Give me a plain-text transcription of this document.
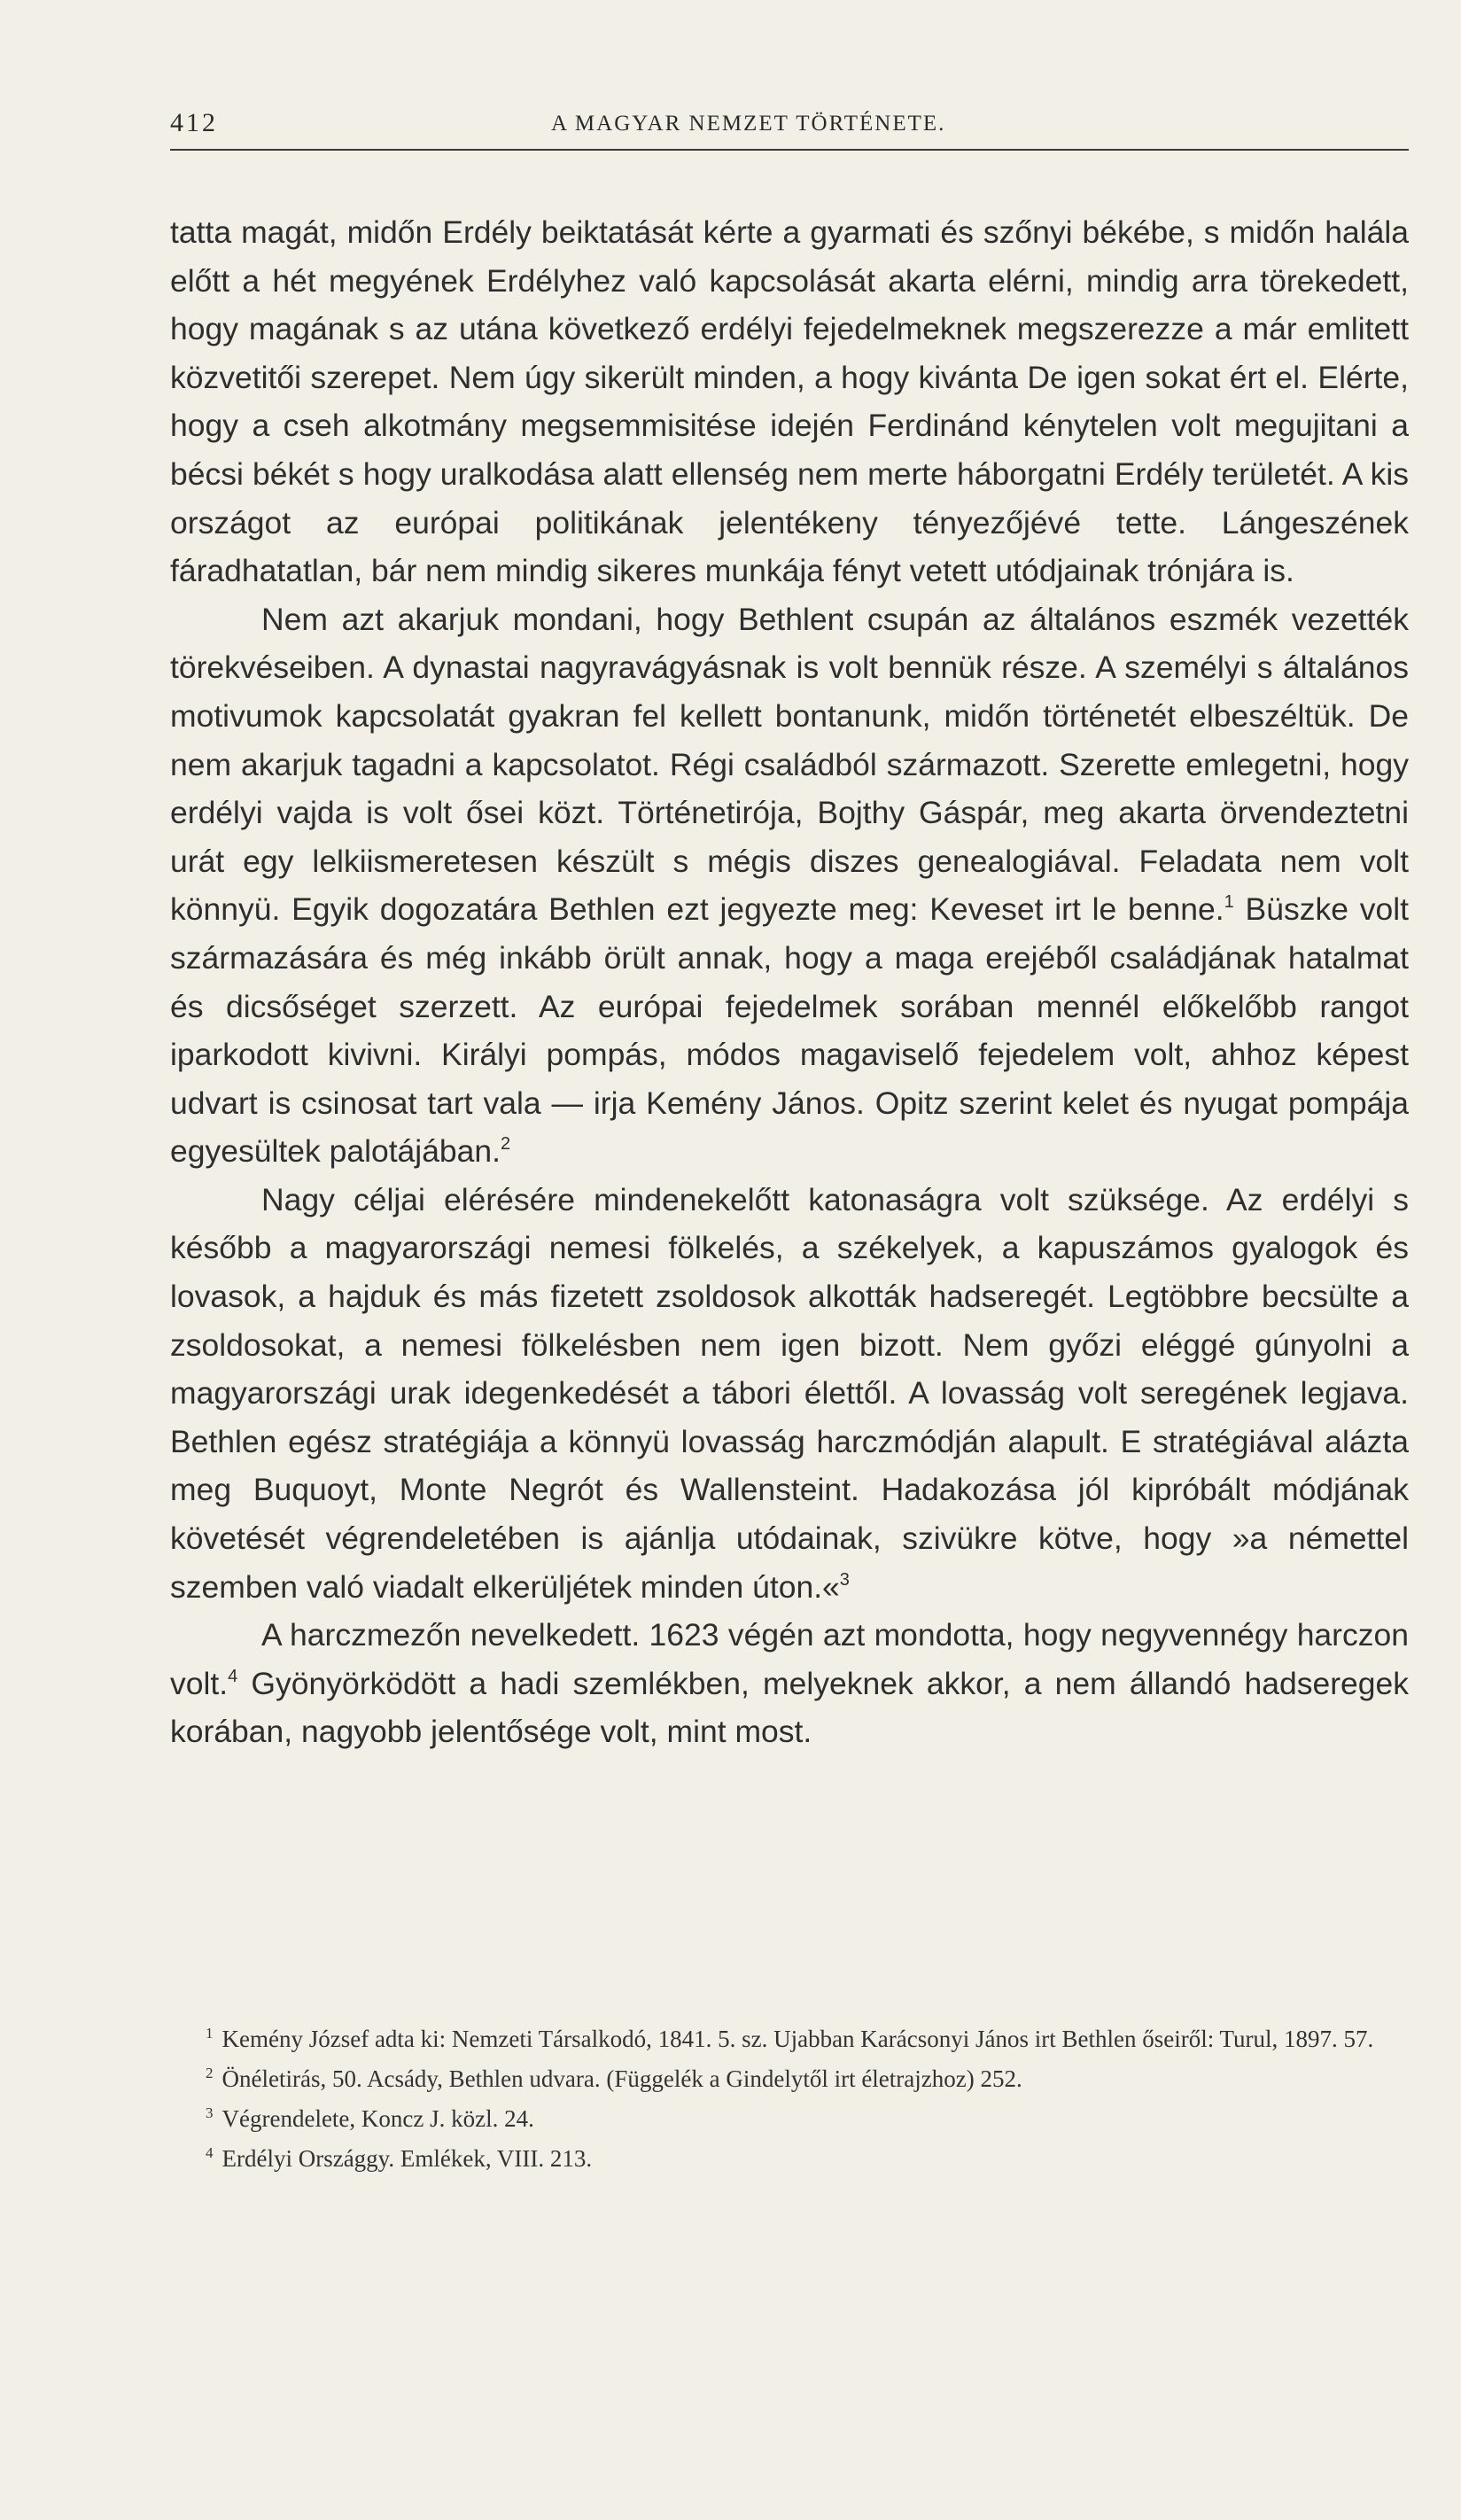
412	A MAGYAR NEMZET TÖRTÉNETE.

tatta magát, midőn Erdély beiktatását kérte a gyarmati és szőnyi békébe, s midőn halála előtt a hét megyének Erdélyhez való kapcsolását akarta elérni, mindig arra törekedett, hogy magának s az utána következő erdélyi fejedelmeknek megszerezze a már emlitett közvetitői szerepet. Nem úgy sikerült minden, a hogy kivánta De igen sokat ért el. Elérte, hogy a cseh alkotmány megsemmisitése idején Ferdinánd kénytelen volt megujitani a bécsi békét s hogy uralkodása alatt ellenség nem merte háborgatni Erdély területét. A kis országot az európai politikának jelentékeny tényezőjévé tette. Lángeszének fáradhatatlan, bár nem mindig sikeres munkája fényt vetett utódjainak trónjára is.

Nem azt akarjuk mondani, hogy Bethlent csupán az általános eszmék vezették törekvéseiben. A dynastai nagyravágyásnak is volt bennük része. A személyi s általános motivumok kapcsolatát gyakran fel kellett bontanunk, midőn történetét elbeszéltük. De nem akarjuk tagadni a kapcsolatot. Régi családból származott. Szerette emlegetni, hogy erdélyi vajda is volt ősei közt. Történetirója, Bojthy Gáspár, meg akarta örvendeztetni urát egy lelkiismeretesen készült s mégis diszes genealogiával. Feladata nem volt könnyü. Egyik dogozatára Bethlen ezt jegyezte meg: Keveset irt le benne.$^1$ Büszke volt származására és még inkább örült annak, hogy a maga erejéből családjának hatalmat és dicsőséget szerzett. Az európai fejedelmek sorában mennél előkelőbb rangot iparkodott kivivni. Királyi pompás, módos magaviselő fejedelem volt, ahhoz képest udvart is csinosat tart vala — irja Kemény János. Opitz szerint kelet és nyugat pompája egyesültek palotájában.$^2$

Nagy céljai elérésére mindenekelőtt katonaságra volt szüksége. Az erdélyi s később a magyarországi nemesi fölkelés, a székelyek, a kapuszámos gyalogok és lovasok, a hajduk és más fizetett zsoldosok alkották hadseregét. Legtöbbre becsülte a zsoldosokat, a nemesi fölkelésben nem igen bizott. Nem győzi eléggé gúnyolni a magyarországi urak idegenkedését a tábori élettől. A lovasság volt seregének legjava. Bethlen egész stratégiája a könnyü lovasság harczmódján alapult. E stratégiával alázta meg Buquoyt, Monte Negrót és Wallensteint. Hadakozása jól kipróbált módjának követését végrendeletében is ajánlja utódainak, szivükre kötve, hogy »a némettel szemben való viadalt elkerüljétek minden úton.«$^3$

A harczmezőn nevelkedett. 1623 végén azt mondotta, hogy negyvennégy harczon volt.$^4$ Gyönyörködött a hadi szemlékben, melyeknek akkor, a nem állandó hadseregek korában, nagyobb jelentősége volt, mint most.

$^1$ Kemény József adta ki: Nemzeti Társalkodó, 1841. 5. sz. Ujabban Karácsonyi János irt Bethlen őseiről: Turul, 1897. 57.
$^2$ Önéletirás, 50. Acsády, Bethlen udvara. (Függelék a Gindelytől irt életrajzhoz) 252.
$^3$ Végrendelete, Koncz J. közl. 24.
$^4$ Erdélyi Országgy. Emlékek, VIII. 213.
